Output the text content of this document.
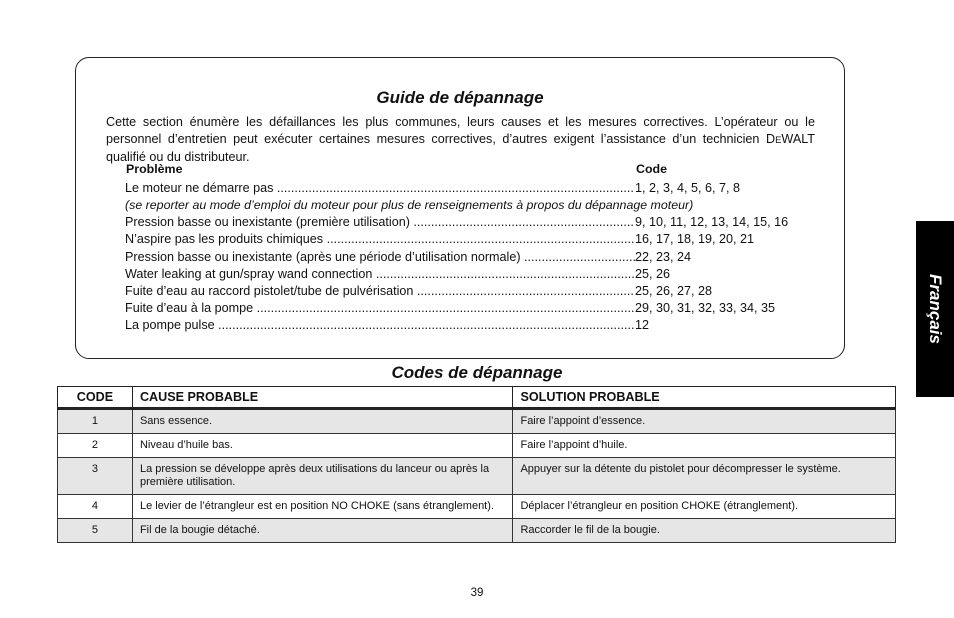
Guide de dépannage
Cette section énumère les défaillances les plus communes, leurs causes et les mesures correctives. L’opérateur ou le personnel d’entretien peut exécuter certaines mesures correctives, d’autres exigent l’assistance d’un technicien DEWALT qualifié ou du distributeur.
Problème	Code
Le moteur ne démarre pas .....	1, 2, 3, 4, 5, 6, 7, 8
(se reporter au mode d’emploi du moteur pour plus de renseignements à propos du dépannage moteur)
Pression basse ou inexistante (première utilisation) .....	9, 10, 11, 12, 13, 14, 15, 16
N’aspire pas les produits chimiques .....	16, 17, 18, 19, 20, 21
Pression basse ou inexistante (après une période d’utilisation normale) .....	22, 23, 24
Water leaking at gun/spray wand connection .....	25, 26
Fuite d’eau au raccord pistolet/tube de pulvérisation .....	25, 26, 27, 28
Fuite d’eau à la pompe .....	29, 30, 31, 32, 33, 34, 35
La pompe pulse .....	12
Codes de dépannage
CODE	CAUSE PROBABLE	SOLUTION PROBABLE
1	Sans essence.	Faire l’appoint d’essence.
2	Niveau d’huile bas.	Faire l’appoint d’huile.
3	La pression se développe après deux utilisations du lanceur ou après la première utilisation.	Appuyer sur la détente du pistolet pour décompresser le système.
4	Le levier de l’étrangleur est en position NO CHOKE (sans étranglement).	Déplacer l’étrangleur en position CHOKE (étranglement).
5	Fil de la bougie détaché.	Raccorder le fil de la bougie.
Français
39
